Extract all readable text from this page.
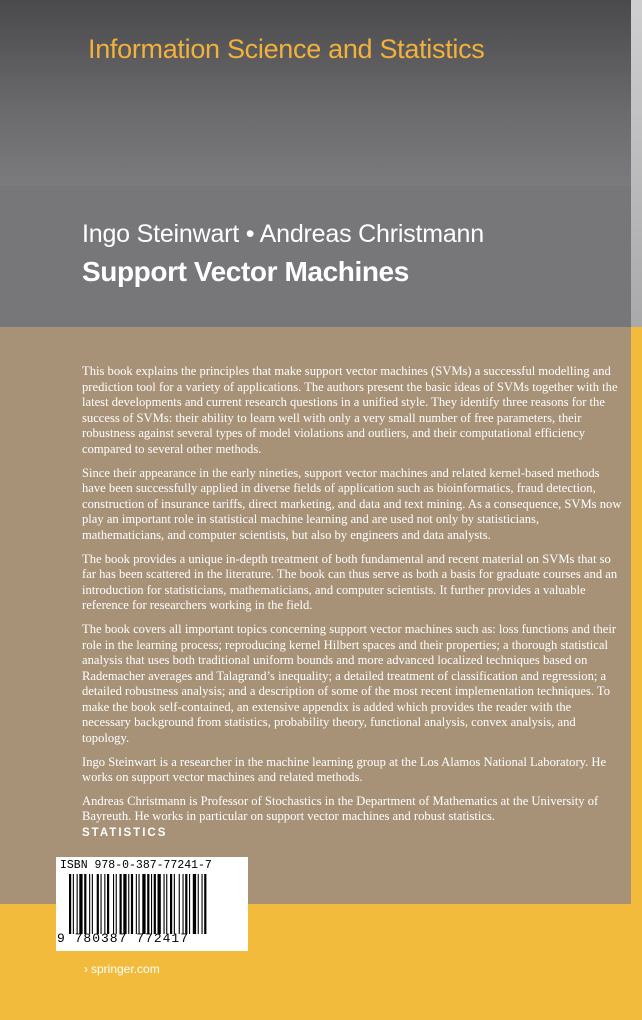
Information Science and Statistics
Ingo Steinwart • Andreas Christmann
Support Vector Machines

This book explains the principles that make support vector machines (SVMs) a successful modelling and prediction tool for a variety of applications. The authors present the basic ideas of SVMs together with the latest developments and current research questions in a unified style. They identify three reasons for the success of SVMs: their ability to learn well with only a very small number of free parameters, their robustness against several types of model violations and outliers, and their computational efficiency compared to several other methods.

Since their appearance in the early nineties, support vector machines and related kernel-based methods have been successfully applied in diverse fields of application such as bioinformatics, fraud detection, construction of insurance tariffs, direct marketing, and data and text mining. As a consequence, SVMs now play an important role in statistical machine learning and are used not only by statisticians, mathematicians, and computer scientists, but also by engineers and data analysts.

The book provides a unique in-depth treatment of both fundamental and recent material on SVMs that so far has been scattered in the literature. The book can thus serve as both a basis for graduate courses and an introduction for statisticians, mathematicians, and computer scientists. It further provides a valuable reference for researchers working in the field.

The book covers all important topics concerning support vector machines such as: loss functions and their role in the learning process; reproducing kernel Hilbert spaces and their properties; a thorough statistical analysis that uses both traditional uniform bounds and more advanced localized techniques based on Rademacher averages and Talagrand’s inequality; a detailed treatment of classification and regression; a detailed robustness analysis; and a description of some of the most recent implementation techniques. To make the book self-contained, an extensive appendix is added which provides the reader with the necessary background from statistics, probability theory, functional analysis, convex analysis, and topology.

Ingo Steinwart is a researcher in the machine learning group at the Los Alamos National Laboratory. He works on support vector machines and related methods.

Andreas Christmann is Professor of Stochastics in the Department of Mathematics at the University of Bayreuth. He works in particular on support vector machines and robust statistics.

STATISTICS
ISBN 978-0-387-77241-7
9 780387 772417
› springer.com
